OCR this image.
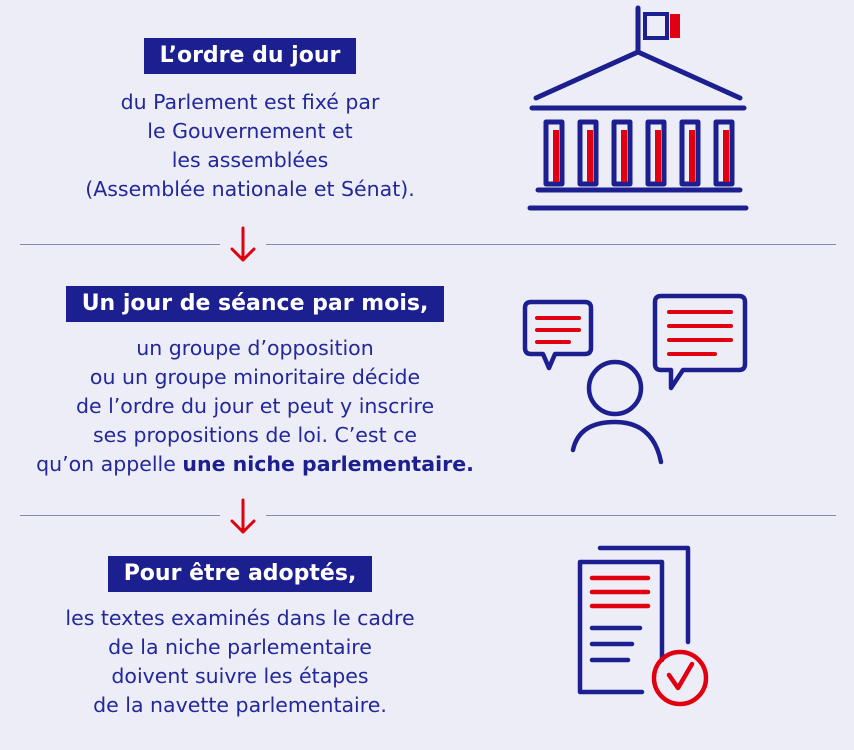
L’ordre du jour
du Parlement est fixé par
le Gouvernement et
les assemblées
(Assemblée nationale et Sénat).
Un jour de séance par mois,
un groupe d’opposition
ou un groupe minoritaire décide
de l’ordre du jour et peut y inscrire
ses propositions de loi. C’est ce
qu’on appelle une niche parlementaire.
Pour être adoptés,
les textes examinés dans le cadre
de la niche parlementaire
doivent suivre les étapes
de la navette parlementaire.
